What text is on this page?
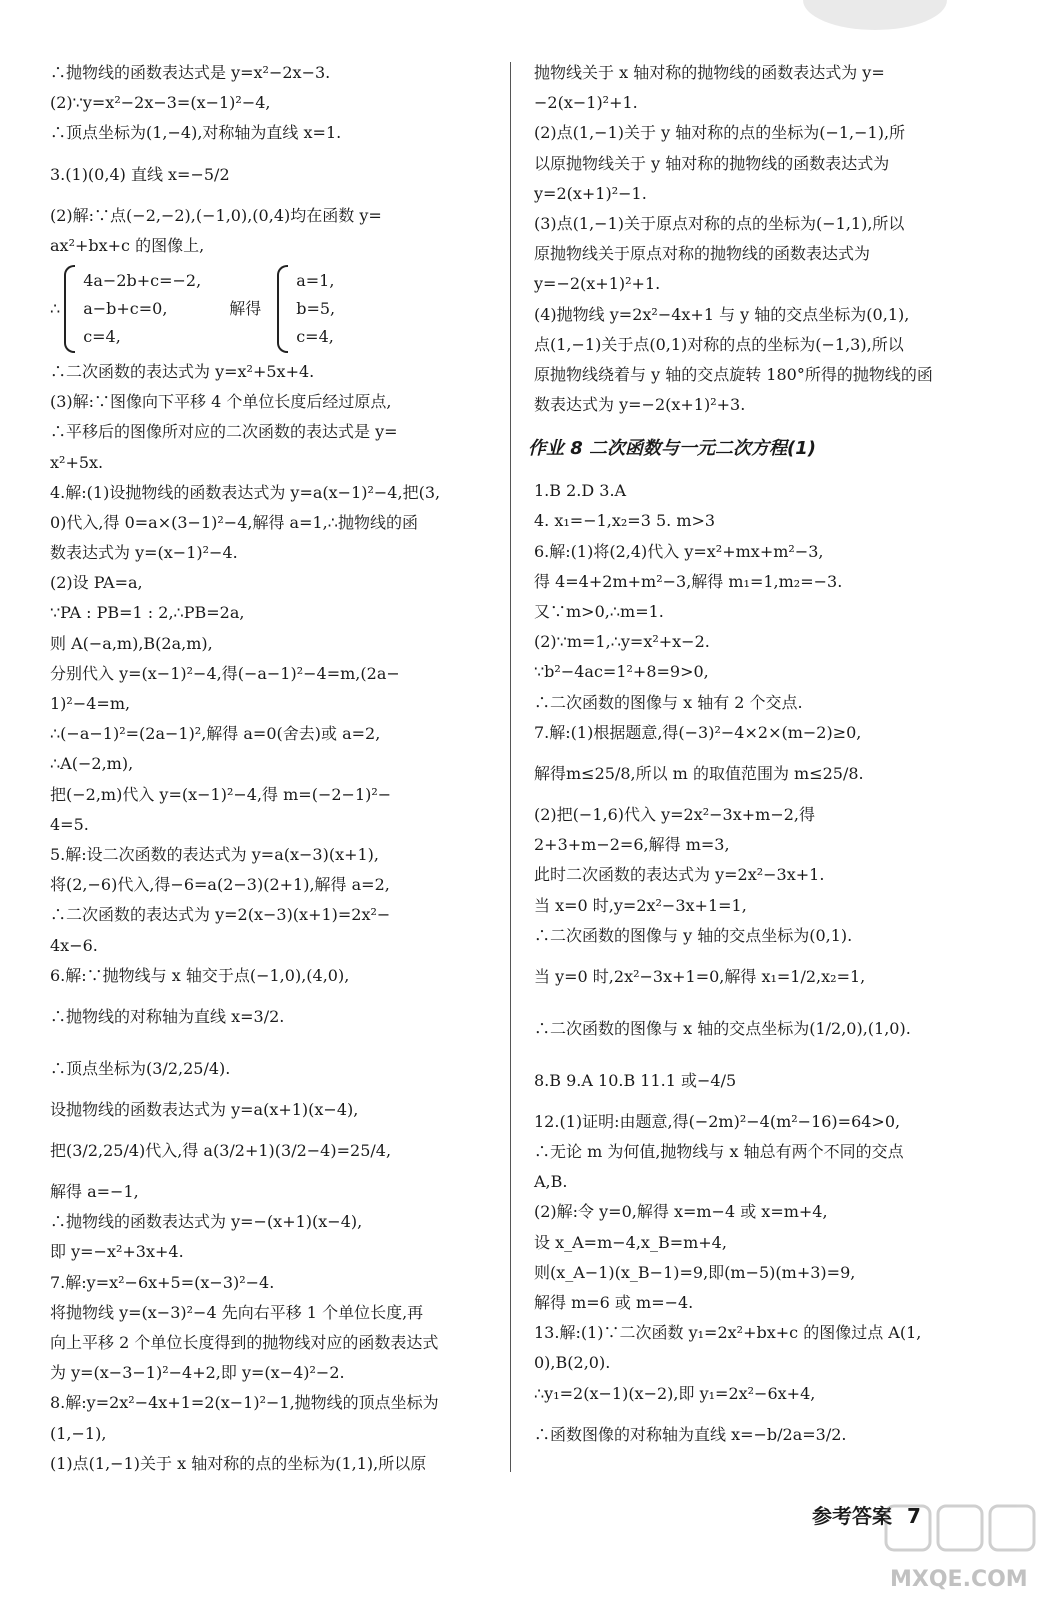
∴抛物线的函数表达式是 y=x²−2x−3.
(2)∵y=x²−2x−3=(x−1)²−4,
∴顶点坐标为(1,−4),对称轴为直线 x=1.
3.(1)(0,4) 直线 x=−5/2
(2)解:∵点(−2,−2),(−1,0),(0,4)均在函数 y=
ax²+bx+c 的图像上,
∴
4a−2b+c=−2,
a−b+c=0,
c=4,
解得
a=1,
b=5,
c=4,
∴二次函数的表达式为 y=x²+5x+4.
(3)解:∵图像向下平移 4 个单位长度后经过原点,
∴平移后的图像所对应的二次函数的表达式是 y=
x²+5x.
4.解:(1)设抛物线的函数表达式为 y=a(x−1)²−4,把(3,
0)代入,得 0=a×(3−1)²−4,解得 a=1,∴抛物线的函
数表达式为 y=(x−1)²−4.
(2)设 PA=a,
∵PA : PB=1 : 2,∴PB=2a,
则 A(−a,m),B(2a,m),
分别代入 y=(x−1)²−4,得(−a−1)²−4=m,(2a−
1)²−4=m,
∴(−a−1)²=(2a−1)²,解得 a=0(舍去)或 a=2,
∴A(−2,m),
把(−2,m)代入 y=(x−1)²−4,得 m=(−2−1)²−
4=5.
5.解:设二次函数的表达式为 y=a(x−3)(x+1),
将(2,−6)代入,得−6=a(2−3)(2+1),解得 a=2,
∴二次函数的表达式为 y=2(x−3)(x+1)=2x²−
4x−6.
6.解:∵抛物线与 x 轴交于点(−1,0),(4,0),
∴抛物线的对称轴为直线 x=3/2.
∴顶点坐标为(3/2,25/4).
设抛物线的函数表达式为 y=a(x+1)(x−4),
把(3/2,25/4)代入,得 a(3/2+1)(3/2−4)=25/4,
解得 a=−1,
∴抛物线的函数表达式为 y=−(x+1)(x−4),
即 y=−x²+3x+4.
7.解:y=x²−6x+5=(x−3)²−4.
将抛物线 y=(x−3)²−4 先向右平移 1 个单位长度,再
向上平移 2 个单位长度得到的抛物线对应的函数表达式
为 y=(x−3−1)²−4+2,即 y=(x−4)²−2.
8.解:y=2x²−4x+1=2(x−1)²−1,抛物线的顶点坐标为
(1,−1),
(1)点(1,−1)关于 x 轴对称的点的坐标为(1,1),所以原
抛物线关于 x 轴对称的抛物线的函数表达式为 y=
−2(x−1)²+1.
(2)点(1,−1)关于 y 轴对称的点的坐标为(−1,−1),所
以原抛物线关于 y 轴对称的抛物线的函数表达式为
y=2(x+1)²−1.
(3)点(1,−1)关于原点对称的点的坐标为(−1,1),所以
原抛物线关于原点对称的抛物线的函数表达式为
y=−2(x+1)²+1.
(4)抛物线 y=2x²−4x+1 与 y 轴的交点坐标为(0,1),
点(1,−1)关于点(0,1)对称的点的坐标为(−1,3),所以
原抛物线绕着与 y 轴的交点旋转 180°所得的抛物线的函
数表达式为 y=−2(x+1)²+3.
作业 8 二次函数与一元二次方程(1)
1.B 2.D 3.A
4. x₁=−1,x₂=3 5. m>3
6.解:(1)将(2,4)代入 y=x²+mx+m²−3,
得 4=4+2m+m²−3,解得 m₁=1,m₂=−3.
又∵m>0,∴m=1.
(2)∵m=1,∴y=x²+x−2.
∵b²−4ac=1²+8=9>0,
∴二次函数的图像与 x 轴有 2 个交点.
7.解:(1)根据题意,得(−3)²−4×2×(m−2)≥0,
解得m≤25/8,所以 m 的取值范围为 m≤25/8.
(2)把(−1,6)代入 y=2x²−3x+m−2,得
2+3+m−2=6,解得 m=3,
此时二次函数的表达式为 y=2x²−3x+1.
当 x=0 时,y=2x²−3x+1=1,
∴二次函数的图像与 y 轴的交点坐标为(0,1).
当 y=0 时,2x²−3x+1=0,解得 x₁=1/2,x₂=1,
∴二次函数的图像与 x 轴的交点坐标为(1/2,0),(1,0).
8.B 9.A 10.B 11.1 或−4/5
12.(1)证明:由题意,得(−2m)²−4(m²−16)=64>0,
∴无论 m 为何值,抛物线与 x 轴总有两个不同的交点
A,B.
(2)解:令 y=0,解得 x=m−4 或 x=m+4,
设 x_A=m−4,x_B=m+4,
则(x_A−1)(x_B−1)=9,即(m−5)(m+3)=9,
解得 m=6 或 m=−4.
13.解:(1)∵二次函数 y₁=2x²+bx+c 的图像过点 A(1,
0),B(2,0).
∴y₁=2(x−1)(x−2),即 y₁=2x²−6x+4,
∴函数图像的对称轴为直线 x=−b/2a=3/2.
参考答案 7
MXQE.COM
